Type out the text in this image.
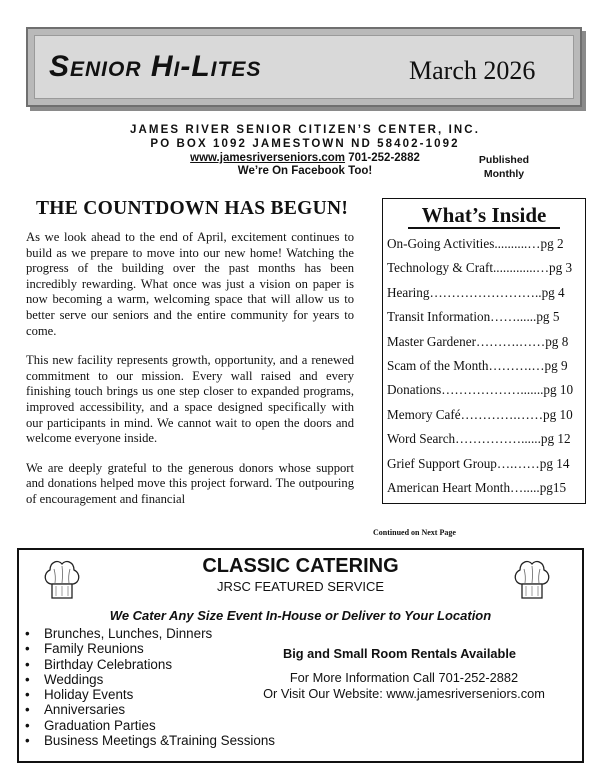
Senior Hi-Lites	March 2026
JAMES RIVER SENIOR CITIZEN’S CENTER, INC.
PO BOX 1092 JAMESTOWN ND 58402-1092
www.jamesriverseniors.com 701-252-2882
We’re On Facebook Too!
Published
Monthly
THE COUNTDOWN HAS BEGUN!

As we look ahead to the end of April, excitement continues to build as we prepare to move into our new home! Watching the progress of the building over the past months has been incredibly rewarding. What once was just a vision on paper is now becoming a warm, welcoming space that will allow us to better serve our seniors and the entire community for years to come.

This new facility represents growth, opportunity, and a renewed commitment to our mission. Every wall raised and every finishing touch brings us one step closer to expanded programs, improved accessibility, and a space designed specifically with our participants in mind. We cannot wait to open the doors and welcome everyone inside.

We are deeply grateful to the generous donors whose support and donations helped move this project forward. The outpouring of encouragement and financial

What’s Inside
On-Going Activities..........…pg 2
Technology & Craft.............…pg 3
Hearing……………………..pg 4
Transit Information……......pg 5
Master Gardener……….……pg 8
Scam of the Month……….…pg 9
Donations……………….......pg 10
Memory Café………….……pg 10
Word Search……………......pg 12
Grief Support Group….……pg 14
American Heart Month….....pg15
Continued on Next Page
CLASSIC CATERING
JRSC FEATURED SERVICE
We Cater Any Size Event In-House or Deliver to Your Location
• Brunches, Lunches, Dinners
• Family Reunions
• Birthday Celebrations
• Weddings
• Holiday Events
• Anniversaries
• Graduation Parties
• Business Meetings &Training Sessions
Big and Small Room Rentals Available
For More Information Call 701-252-2882
Or Visit Our Website: www.jamesriverseniors.com
